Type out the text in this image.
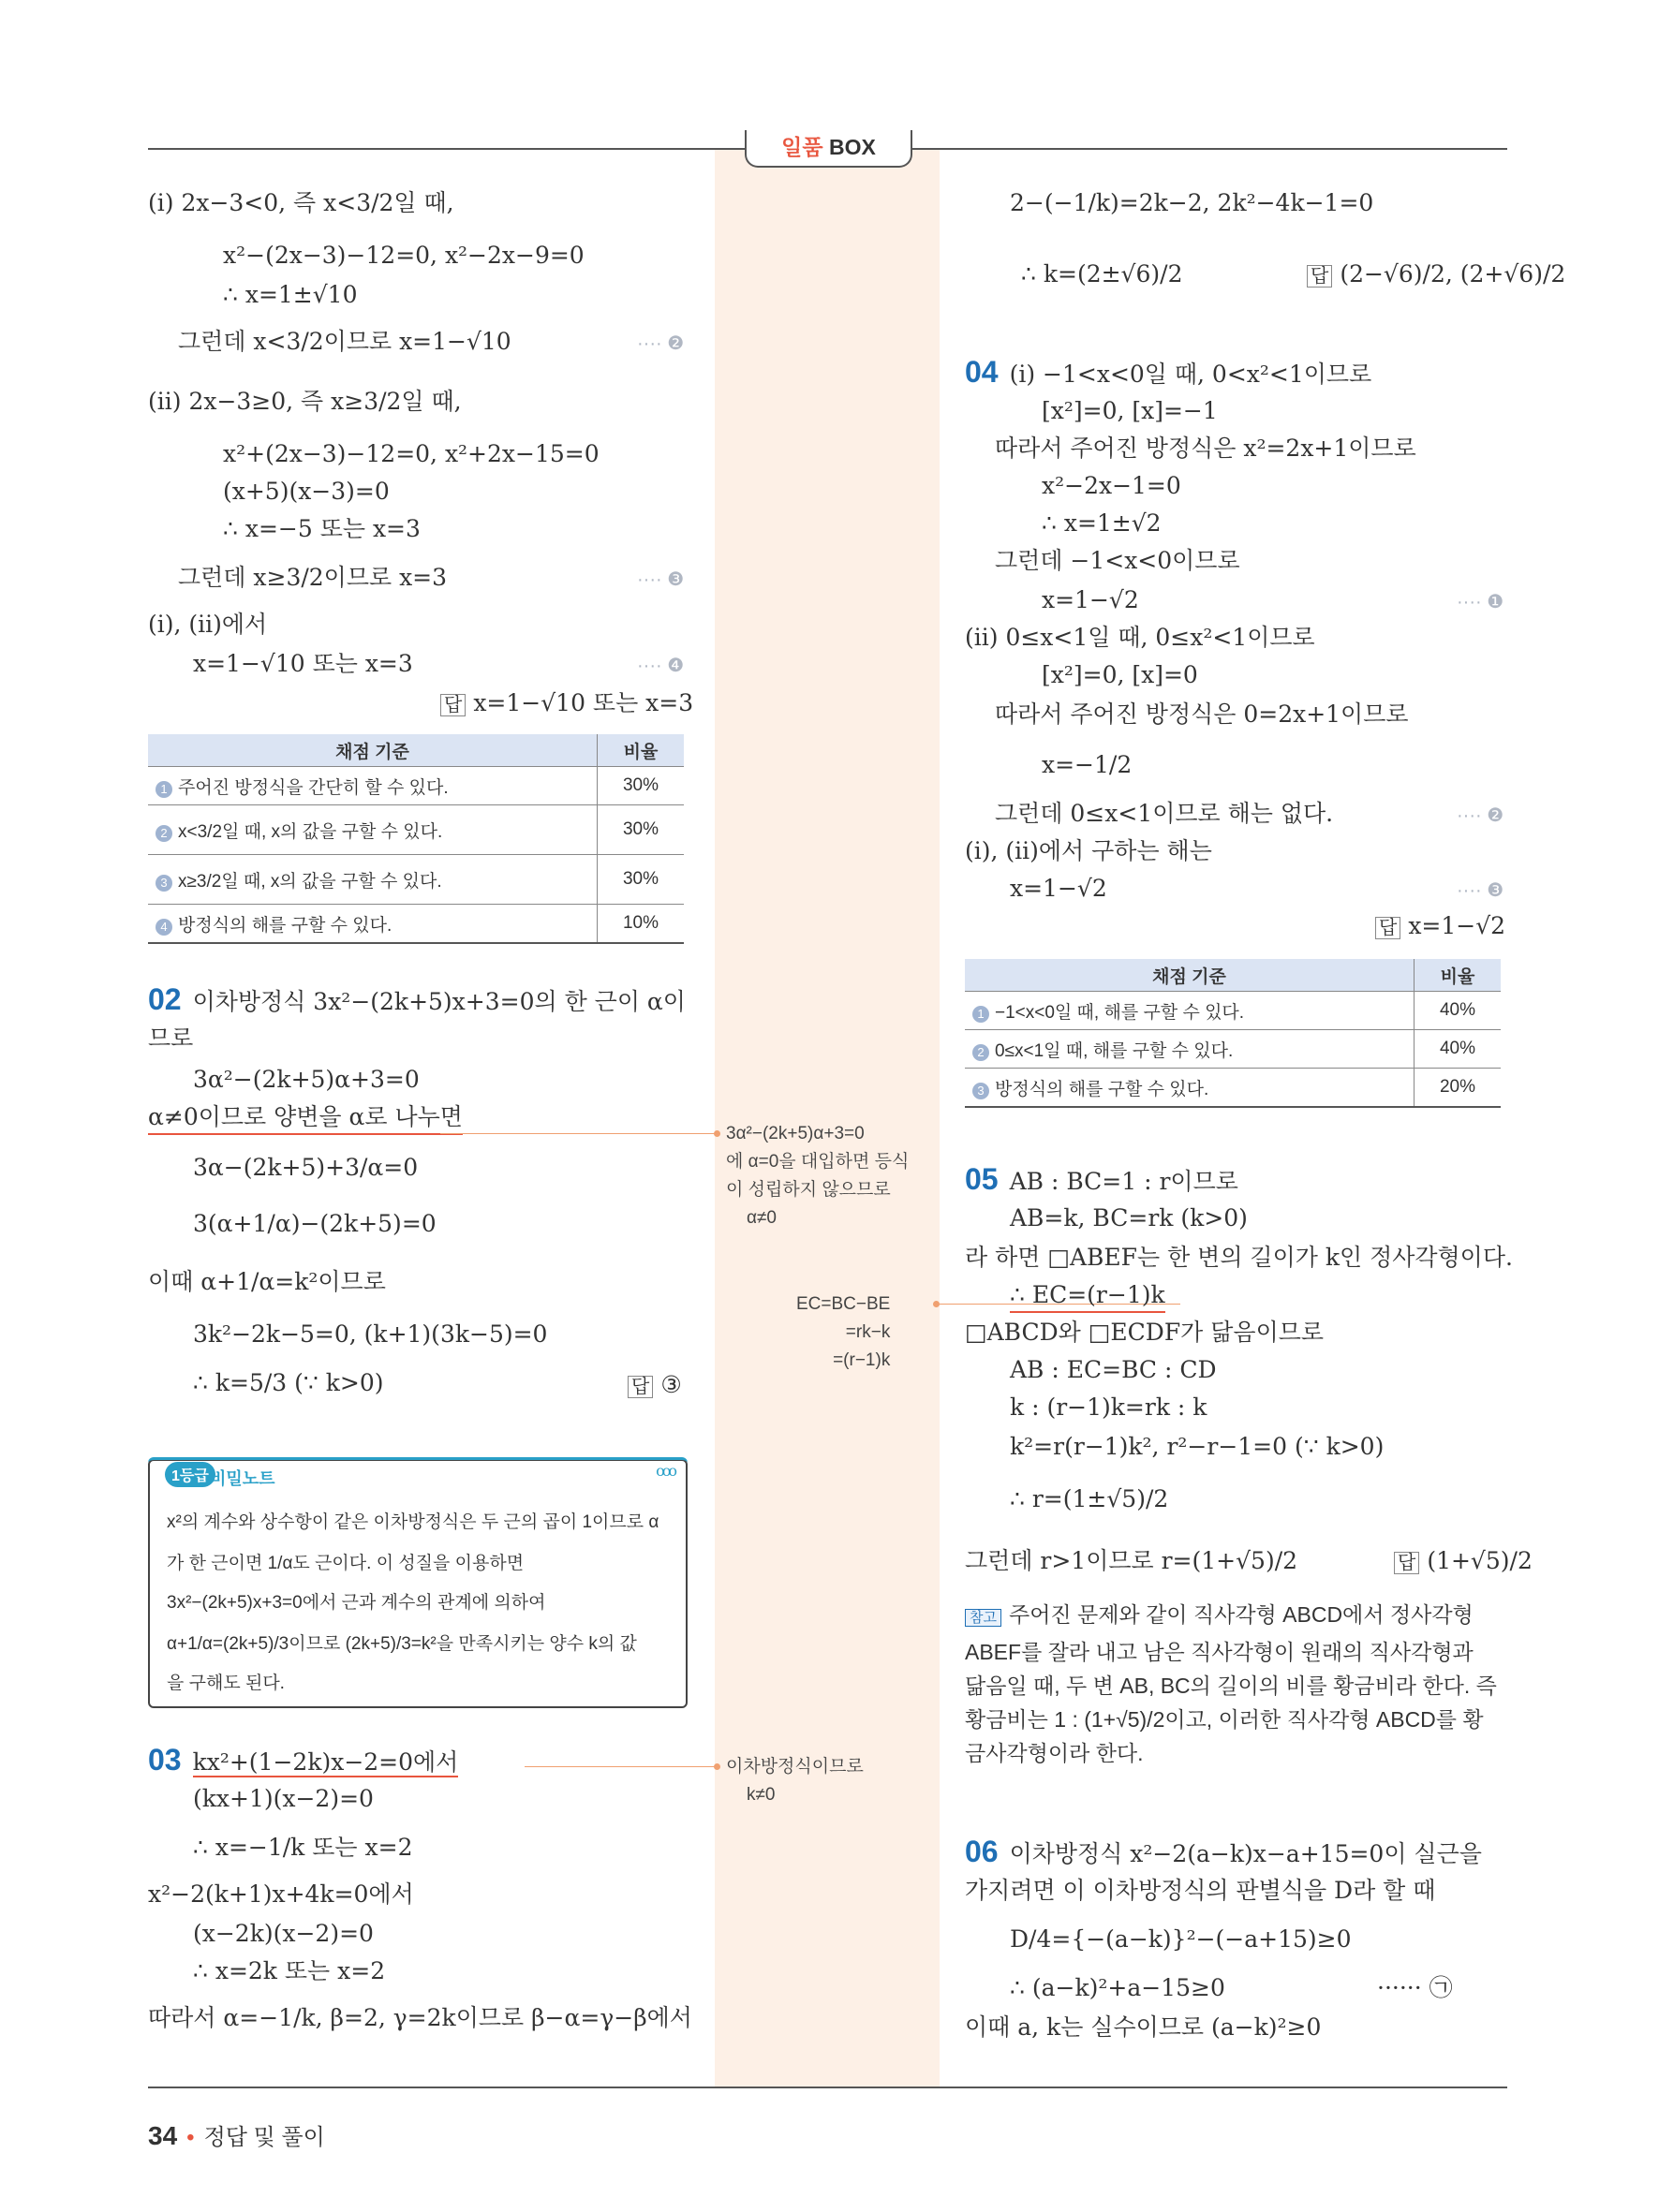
일품 BOX
(i) 2x−3<0, 즉 x<3/2일 때,
x²−(2x−3)−12=0, x²−2x−9=0
∴ x=1±√10
그런데 x<3/2이므로 x=1−√10	···· ❷
(ii) 2x−3≥0, 즉 x≥3/2일 때,
x²+(2x−3)−12=0, x²+2x−15=0
(x+5)(x−3)=0
∴ x=−5 또는 x=3
그런데 x≥3/2이므로 x=3	···· ❸
(i), (ii)에서
x=1−√10 또는 x=3	···· ❹
답 x=1−√10 또는 x=3
채점 기준	비율
1 주어진 방정식을 간단히 할 수 있다.	30%
2 x<3/2일 때, x의 값을 구할 수 있다.	30%
3 x≥3/2일 때, x의 값을 구할 수 있다.	30%
4 방정식의 해를 구할 수 있다.	10%
02 이차방정식 3x²−(2k+5)x+3=0의 한 근이 α이
므로
3α²−(2k+5)α+3=0
α≠0이므로 양변을 α로 나누면
3α−(2k+5)+3/α=0
3(α+1/α)−(2k+5)=0
이때 α+1/α=k²이므로
3k²−2k−5=0, (k+1)(3k−5)=0
∴ k=5/3 (∵ k>0)	답 ③
1등급 비밀노트	ooo
x²의 계수와 상수항이 같은 이차방정식은 두 근의 곱이 1이므로 α
가 한 근이면 1/α도 근이다. 이 성질을 이용하면
3x²−(2k+5)x+3=0에서 근과 계수의 관계에 의하여
α+1/α=(2k+5)/3이므로 (2k+5)/3=k²을 만족시키는 양수 k의 값
을 구해도 된다.
03 kx²+(1−2k)x−2=0에서
(kx+1)(x−2)=0
∴ x=−1/k 또는 x=2
x²−2(k+1)x+4k=0에서
(x−2k)(x−2)=0
∴ x=2k 또는 x=2
따라서 α=−1/k, β=2, γ=2k이므로 β−α=γ−β에서
3α²−(2k+5)α+3=0
에 α=0을 대입하면 등식
이 성립하지 않으므로
α≠0
EC=BC−BE
=rk−k
=(r−1)k
이차방정식이므로
k≠0
2−(−1/k)=2k−2, 2k²−4k−1=0
∴ k=(2±√6)/2	답 (2−√6)/2, (2+√6)/2
04 (i) −1<x<0일 때, 0<x²<1이므로
[x²]=0, [x]=−1
따라서 주어진 방정식은 x²=2x+1이므로
x²−2x−1=0
∴ x=1±√2
그런데 −1<x<0이므로
x=1−√2	···· ❶
(ii) 0≤x<1일 때, 0≤x²<1이므로
[x²]=0, [x]=0
따라서 주어진 방정식은 0=2x+1이므로
x=−1/2
그런데 0≤x<1이므로 해는 없다.	···· ❷
(i), (ii)에서 구하는 해는
x=1−√2	···· ❸
답 x=1−√2
채점 기준	비율
1 −1<x<0일 때, 해를 구할 수 있다.	40%
2 0≤x<1일 때, 해를 구할 수 있다.	40%
3 방정식의 해를 구할 수 있다.	20%
05 AB : BC=1 : r이므로
AB=k, BC=rk (k>0)
라 하면 □ABEF는 한 변의 길이가 k인 정사각형이다.
∴ EC=(r−1)k
□ABCD와 □ECDF가 닮음이므로
AB : EC=BC : CD
k : (r−1)k=rk : k
k²=r(r−1)k², r²−r−1=0 (∵ k>0)
∴ r=(1±√5)/2
그런데 r>1이므로 r=(1+√5)/2	답 (1+√5)/2
참고 주어진 문제와 같이 직사각형 ABCD에서 정사각형 ABEF를 잘라 내고 남은 직사각형이 원래의 직사각형과 닮음일 때, 두 변 AB, BC의 길이의 비를 황금비라 한다. 즉 황금비는 1 : (1+√5)/2이고, 이러한 직사각형 ABCD를 황금사각형이라 한다.
06 이차방정식 x²−2(a−k)x−a+15=0이 실근을
가지려면 이 이차방정식의 판별식을 D라 할 때
D/4={−(a−k)}²−(−a+15)≥0
∴ (a−k)²+a−15≥0	······ ㉠
이때 a, k는 실수이므로 (a−k)²≥0
34 • 정답 및 풀이
